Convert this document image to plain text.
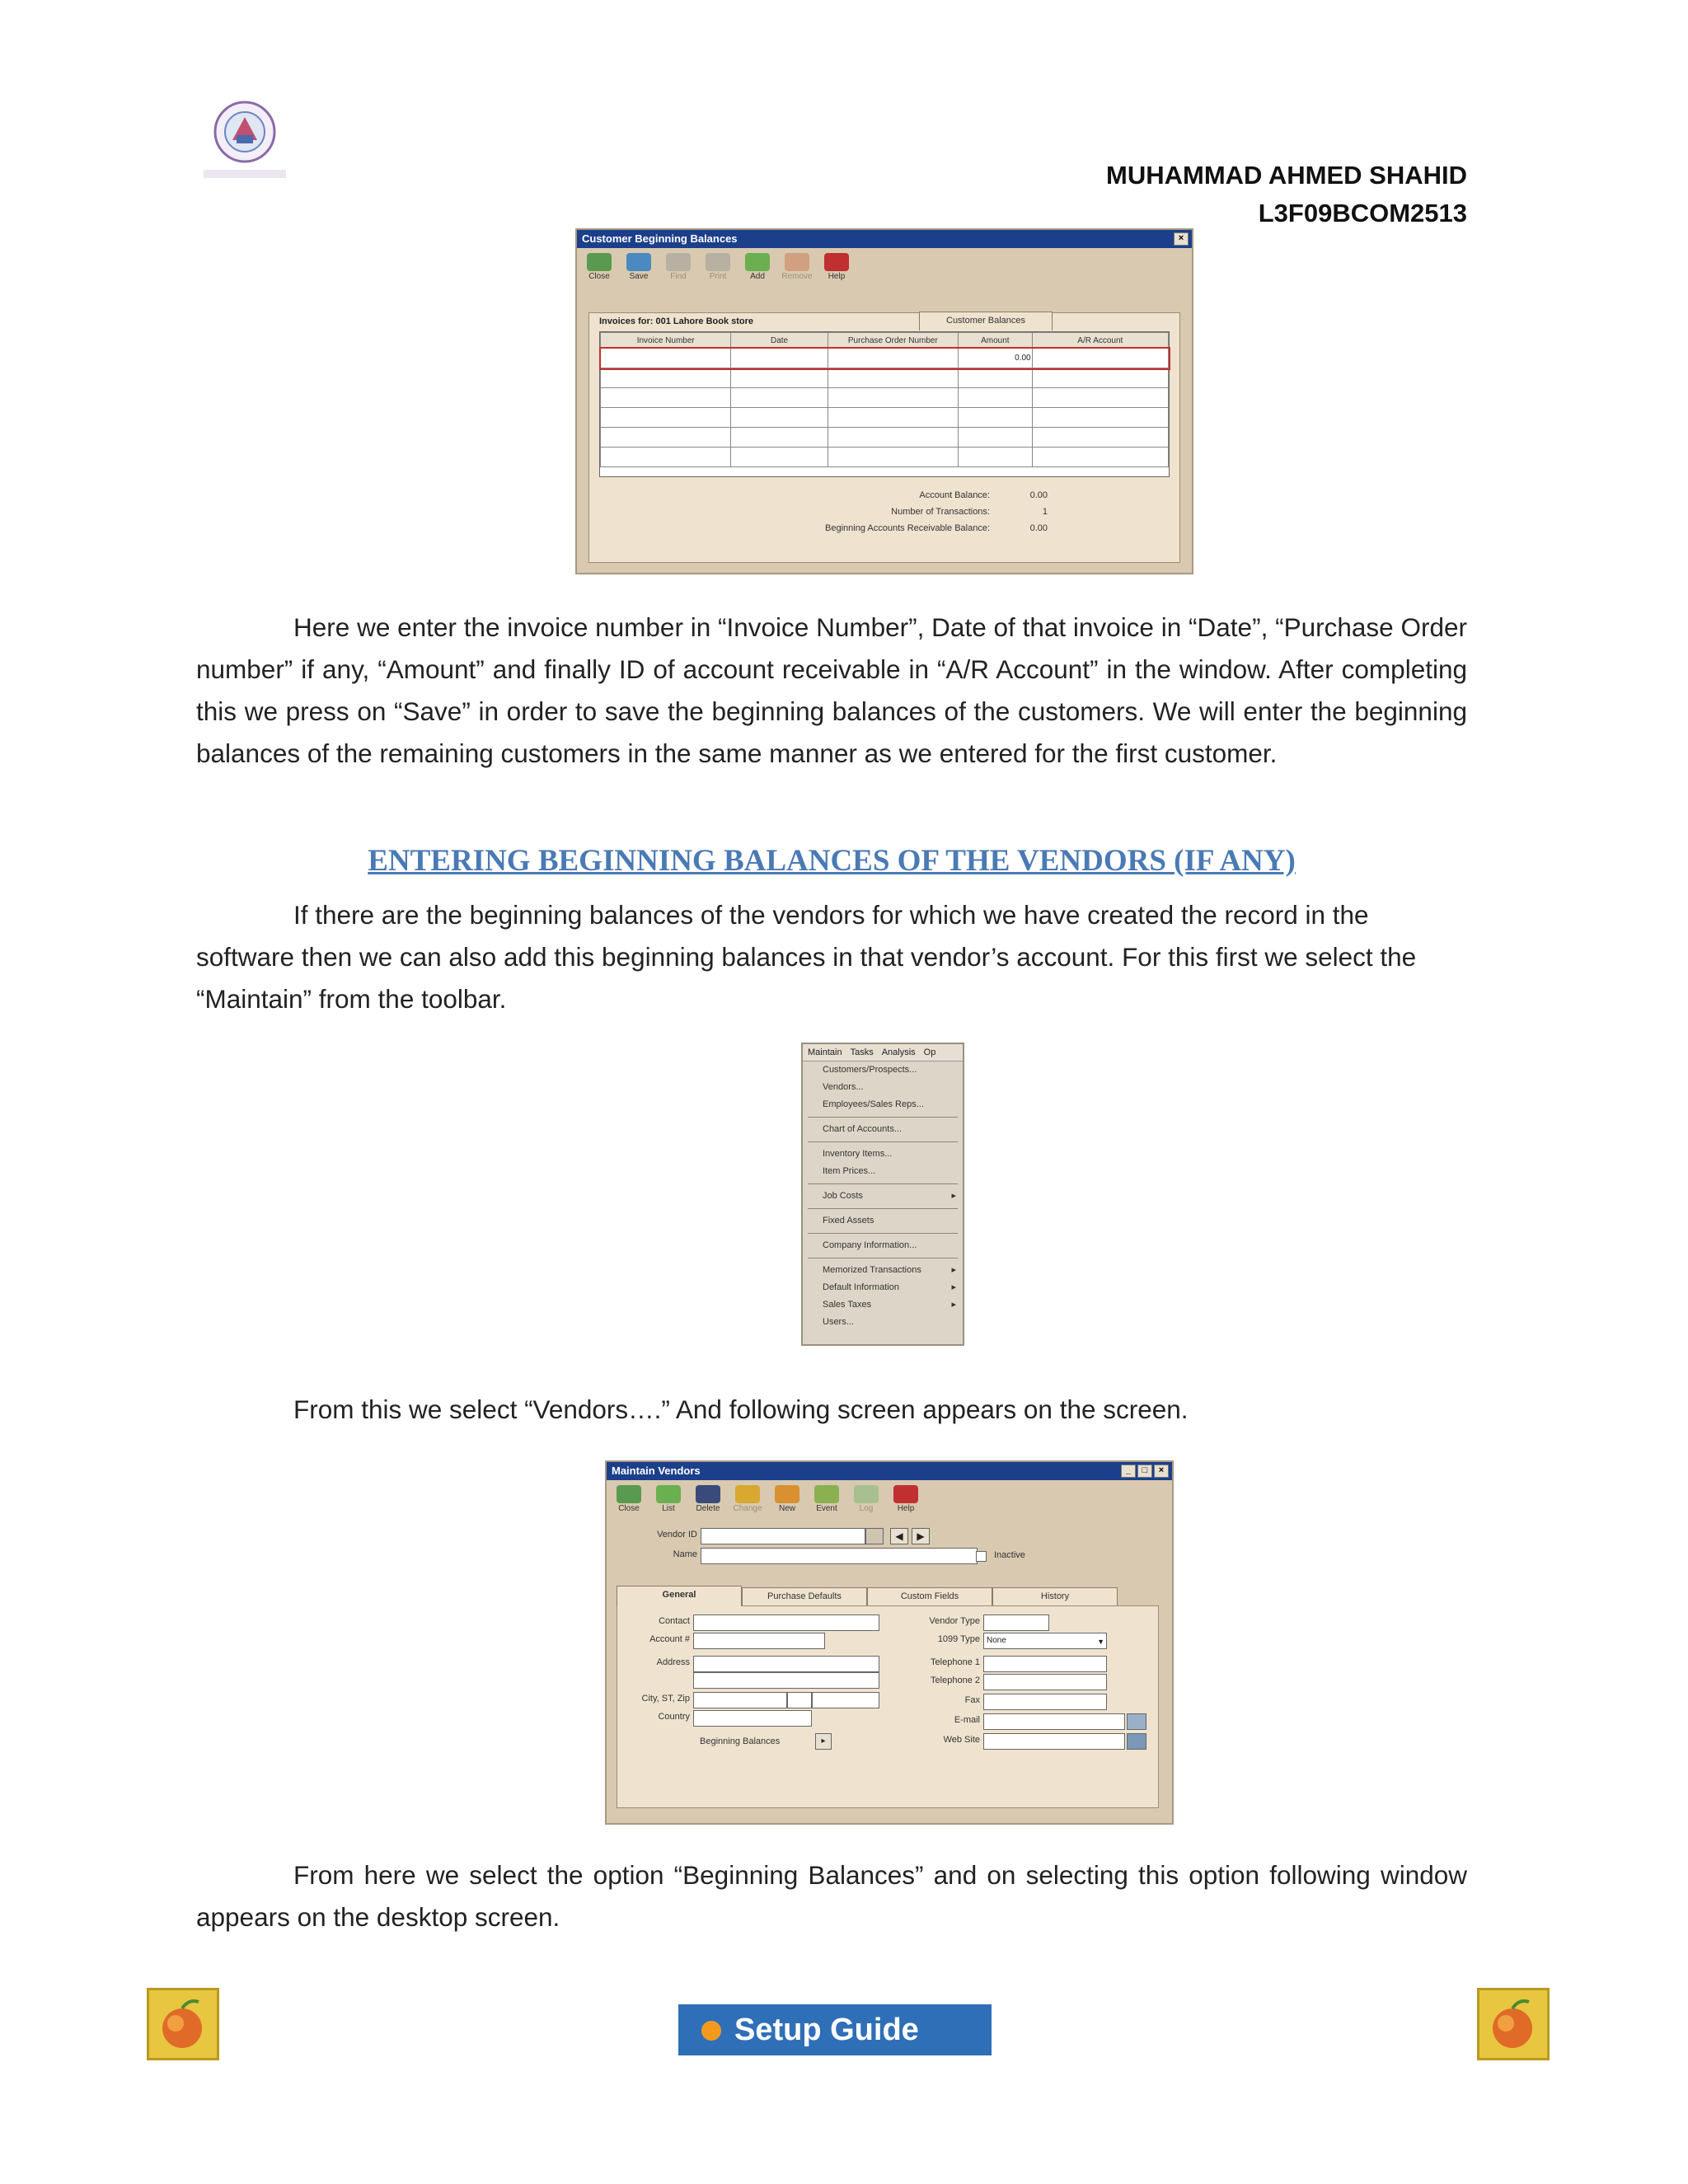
MUHAMMAD AHMED SHAHID
L3F09BCOM2513
Customer Beginning Balances	×
Close Save	Find	Print	Add Remove Help
Invoices for: 001 Lahore Book store	Customer Balances
Invoice Number	Date	Purchase Order Number	Amount	A/R Account
			0.00	

Account Balance:	0.00
Number of Transactions:	1
Beginning Accounts Receivable Balance:	0.00
Here we enter the invoice number in “Invoice Number”, Date of that invoice in “Date”, “Purchase Order number” if any, “Amount” and finally ID of account receivable in “A/R Account” in the window. After completing this we press on “Save” in order to save the beginning balances of the customers. We will enter the beginning balances of the remaining customers in the same manner as we entered for the first customer.
ENTERING BEGINNING BALANCES OF THE VENDORS (IF ANY)
If there are the beginning balances of the vendors for which we have created the record in the software then we can also add this beginning balances in that vendor’s account. For this first we select the “Maintain” from the toolbar.
Maintain Tasks Analysis Op
Customers/Prospects...
Vendors...
Employees/Sales Reps...
Chart of Accounts...
Inventory Items...
Item Prices...
Job Costs ▸
Fixed Assets
Company Information...
Memorized Transactions ▸
Default Information ▸
Sales Taxes ▸
Users...
From this we select “Vendors….” And following screen appears on the screen.
Maintain Vendors	_	□	×
Close	List	Delete Change New	Event	Log	Help
Vendor ID	◀	▶
Name	Inactive
General	Purchase Defaults	Custom Fields	History
Contact
Account #
Address
City, ST, Zip
Country
Beginning Balances	▸
Vendor Type
1099 Type None	▼
Telephone 1
Telephone 2
Fax
E-mail
Web Site
From here we select the option “Beginning Balances” and on selecting this option following window appears on the desktop screen.
Setup Guide
